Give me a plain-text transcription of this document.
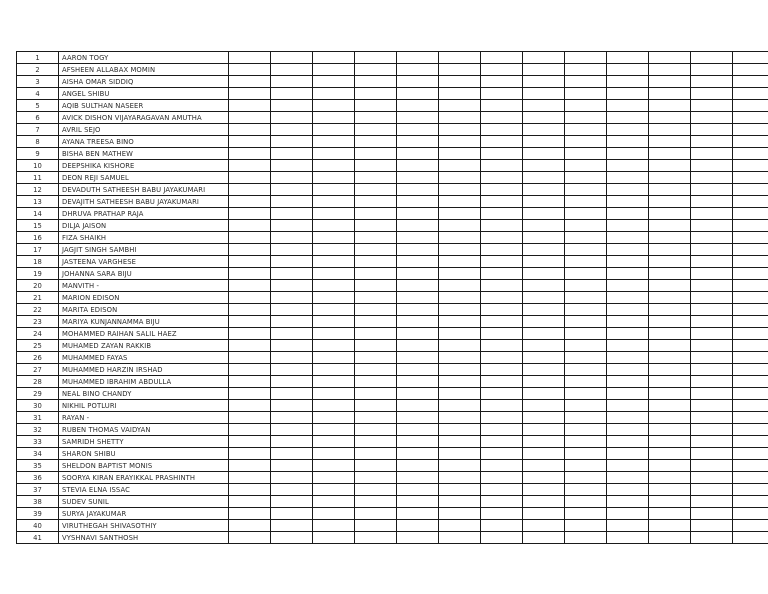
1	AARON TOGY													
2	AFSHEEN ALLABAX MOMIN													
3	AISHA OMAR SIDDIQ													
4	ANGEL SHIBU													
5	AQIB SULTHAN NASEER													
6	AVICK DISHON VIJAYARAGAVAN AMUTHA													
7	AVRIL SEJO													
8	AYANA TREESA BINO													
9	BISHA BEN MATHEW													
10	DEEPSHIKA KISHORE													
11	DEON REJI SAMUEL													
12	DEVADUTH SATHEESH BABU JAYAKUMARI													
13	DEVAJITH SATHEESH BABU JAYAKUMARI													
14	DHRUVA PRATHAP RAJA													
15	DILJA JAISON													
16	FIZA SHAIKH													
17	JAGJIT SINGH SAMBHI													
18	JASTEENA VARGHESE													
19	JOHANNA SARA BIJU													
20	MANVITH -													
21	MARION EDISON													
22	MARITA EDISON													
23	MARIYA KUNJANNAMMA BIJU													
24	MOHAMMED RAIHAN SALIL HAEZ													
25	MUHAMED ZAYAN RAKKIB													
26	MUHAMMED FAYAS													
27	MUHAMMED HARZIN IRSHAD													
28	MUHAMMED IBRAHIM ABDULLA													
29	NEAL BINO CHANDY													
30	NIKHIL POTLURI													
31	RAYAN -													
32	RUBEN THOMAS VAIDYAN													
33	SAMRIDH SHETTY													
34	SHARON SHIBU													
35	SHELDON BAPTIST MONIS													
36	SOORYA KIRAN ERAYIKKAL PRASHINTH													
37	STEVIA ELNA ISSAC													
38	SUDEV SUNIL													
39	SURYA JAYAKUMAR													
40	VIRUTHEGAH SHIVASOTHIY													
41	VYSHNAVI SANTHOSH													
